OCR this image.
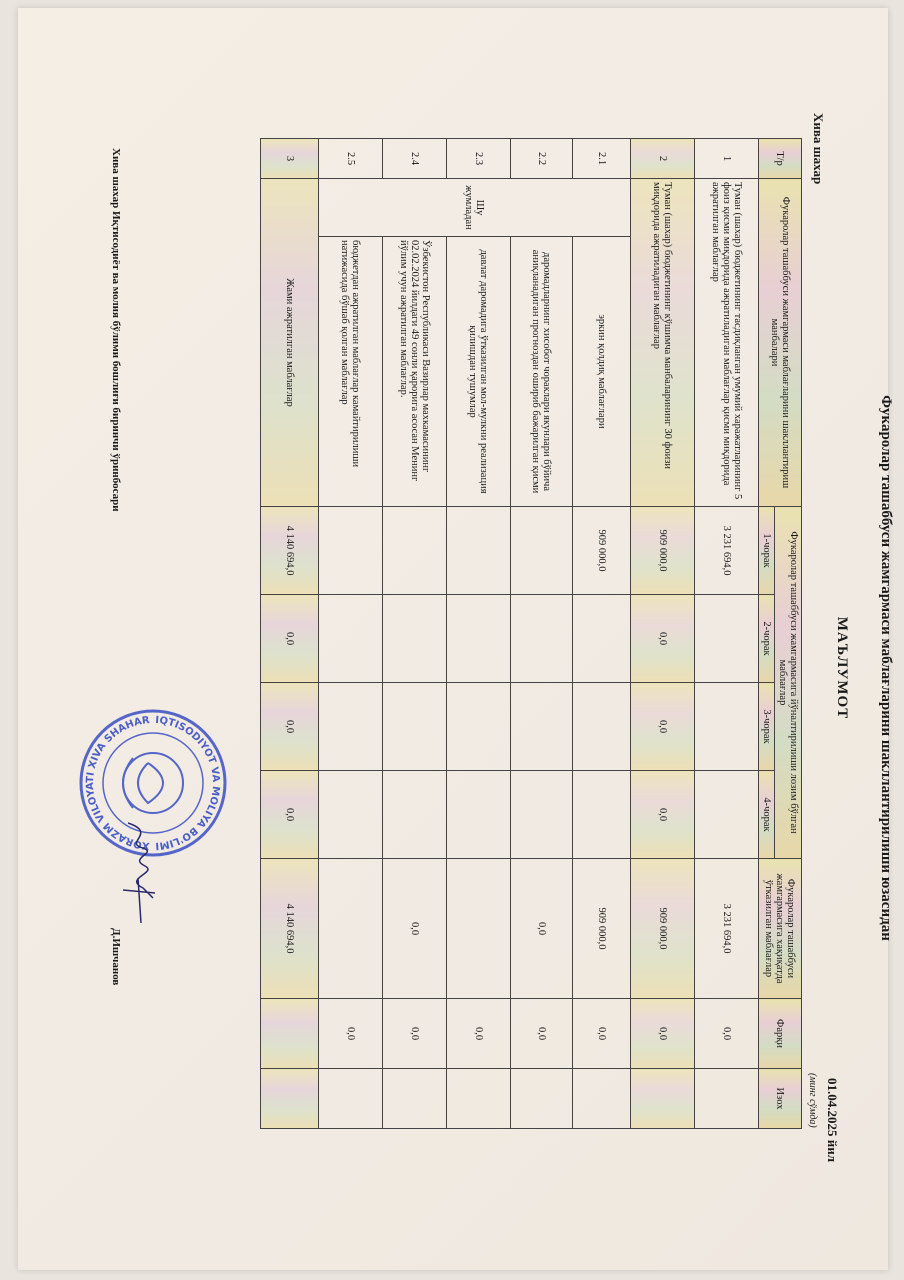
Фукаролар ташаббуси жамгармаси маблағларини шакллантирилиши юзасидан
МАЪЛУМОТ
Хива шахар
01.04.2025 йил
(минг сўмда)
Т/р	Фукаролар ташаббуси жамгармаси маблағларини шакллантириш манбалари		Фукаролар ташаббуси жамгармасига йўналтирилиши лозим бўлган маблағлар				Фукаролар ташаббуси жамгармасига хақиқатда ўтказилган маблағлар	Фарқи	Изох
			1-чорак	2-чорак	3-чорак	4-чорак			
1	Туман (шахар) бюджетининг тасдиқланган умумий харажатларининг 5 фоиз қисми миқдорида ажратиладиган маблағлар қисми миқдорида ажратилган маблағлар		3 231 694,0				3 231 694,0	0,0	
2	Туман (шахар) бюджетининг кўшимча манбаларининг 30 фоизи миқдорида ажратиладиган маблағлар		909 000,0	0,0	0,0	0,0	909 000,0	0,0	
2.1	Шу жумладан	эркин қолдиқ маблағлари	909 000,0				909 000,0	0,0	
2.2		даромадларнинг хисобот чораклари якунлари бўйича аниқланадиган прогноздан ошириб бажарилган қисми					0,0	0,0	
2.3		давлат даромадига ўтказилган мол-мулкни реализация қилишдан тушумлар						0,0	
2.4		Ўзбекистон Республикаси Вазирлар махкамасининг 02.02.2024 йилдаги 49 сонли қарорига асосан Менинг йўлим учун ажратилган маблағлар.					0,0	0,0	
2.5		бюджетдан ажратилган маблағлар камайтирилиши натижасида бўшаб қолган маблағлар						0,0	
3	Жами ажратилган маблағлар		4 140 694,0	0,0	0,0	0,0	4 140 694,0		
Хива шахар Иқтисодиёт ва молия бўлими бошлиғи биринчи ўринбосари
Д.Ишчанов
IQTISODIYOT VA MOLIYA BO'LIMI
XORAZM VILOYATI XIVA SHAHAR
